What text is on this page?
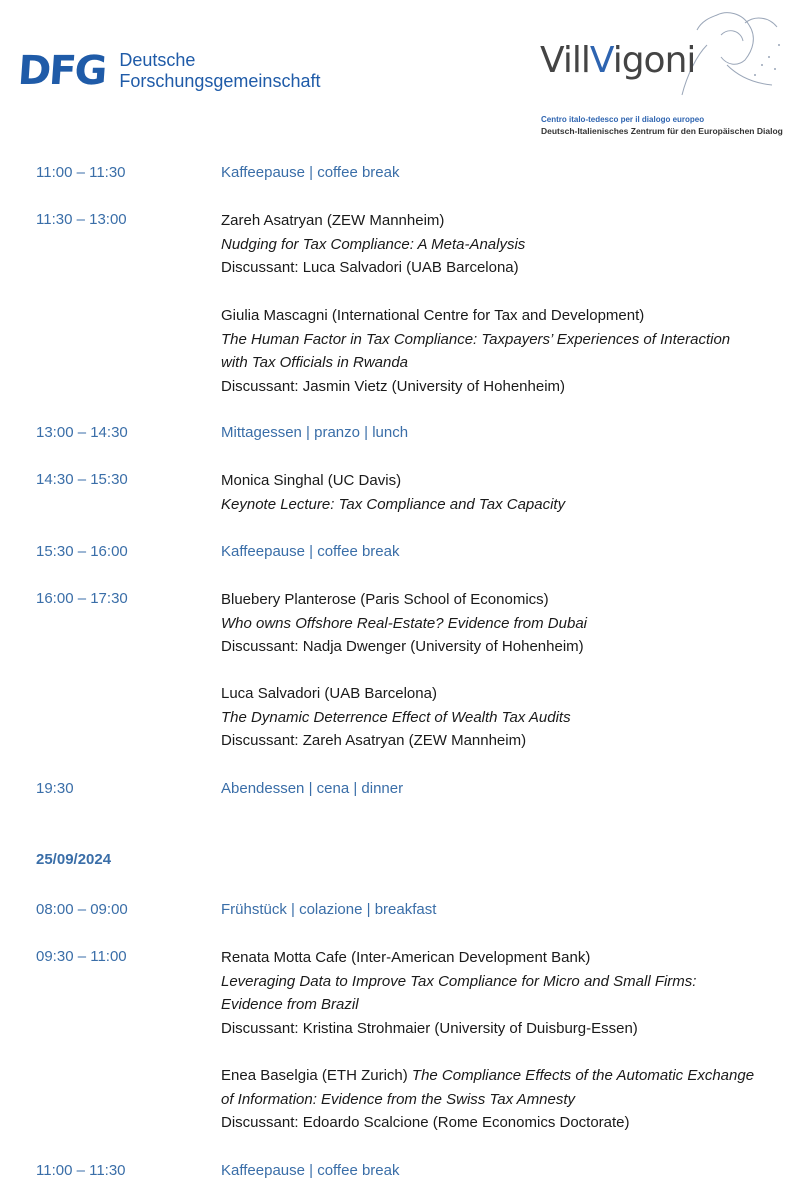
DFG Deutsche
Forschungsgemeinschaft	VillVigoni
Centro italo-tedesco per il dialogo europeo
Deutsch-Italienisches Zentrum für den Europäischen Dialog
11:00 – 11:30	Kaffeepause | coffee break
11:30 – 13:00	Zareh Asatryan (ZEW Mannheim)

Nudging for Tax Compliance: A Meta-Analysis

Discussant: Luca Salvadori (UAB Barcelona)

Giulia Mascagni (International Centre for Tax and Development)

The Human Factor in Tax Compliance: Taxpayers’ Experiences of Interaction

with Tax Officials in Rwanda

Discussant: Jasmin Vietz (University of Hohenheim)

13:00 – 14:30	Mittagessen | pranzo | lunch
14:30 – 15:30	Monica Singhal (UC Davis)

Keynote Lecture: Tax Compliance and Tax Capacity

15:30 – 16:00	Kaffeepause | coffee break
16:00 – 17:30	Bluebery Planterose (Paris School of Economics)

Who owns Offshore Real-Estate? Evidence from Dubai

Discussant: Nadja Dwenger (University of Hohenheim)

Luca Salvadori (UAB Barcelona)

The Dynamic Deterrence Effect of Wealth Tax Audits

Discussant: Zareh Asatryan (ZEW Mannheim)

19:30	Abendessen | cena | dinner
25/09/2024
08:00 – 09:00	Frühstück | colazione | breakfast
09:30 – 11:00	Renata Motta Cafe (Inter-American Development Bank)

Leveraging Data to Improve Tax Compliance for Micro and Small Firms:

Evidence from Brazil

Discussant: Kristina Strohmaier (University of Duisburg-Essen)

Enea Baselgia (ETH Zurich) The Compliance Effects of the Automatic Exchange

of Information: Evidence from the Swiss Tax Amnesty

Discussant: Edoardo Scalcione (Rome Economics Doctorate)

11:00 – 11:30	Kaffeepause | coffee break
